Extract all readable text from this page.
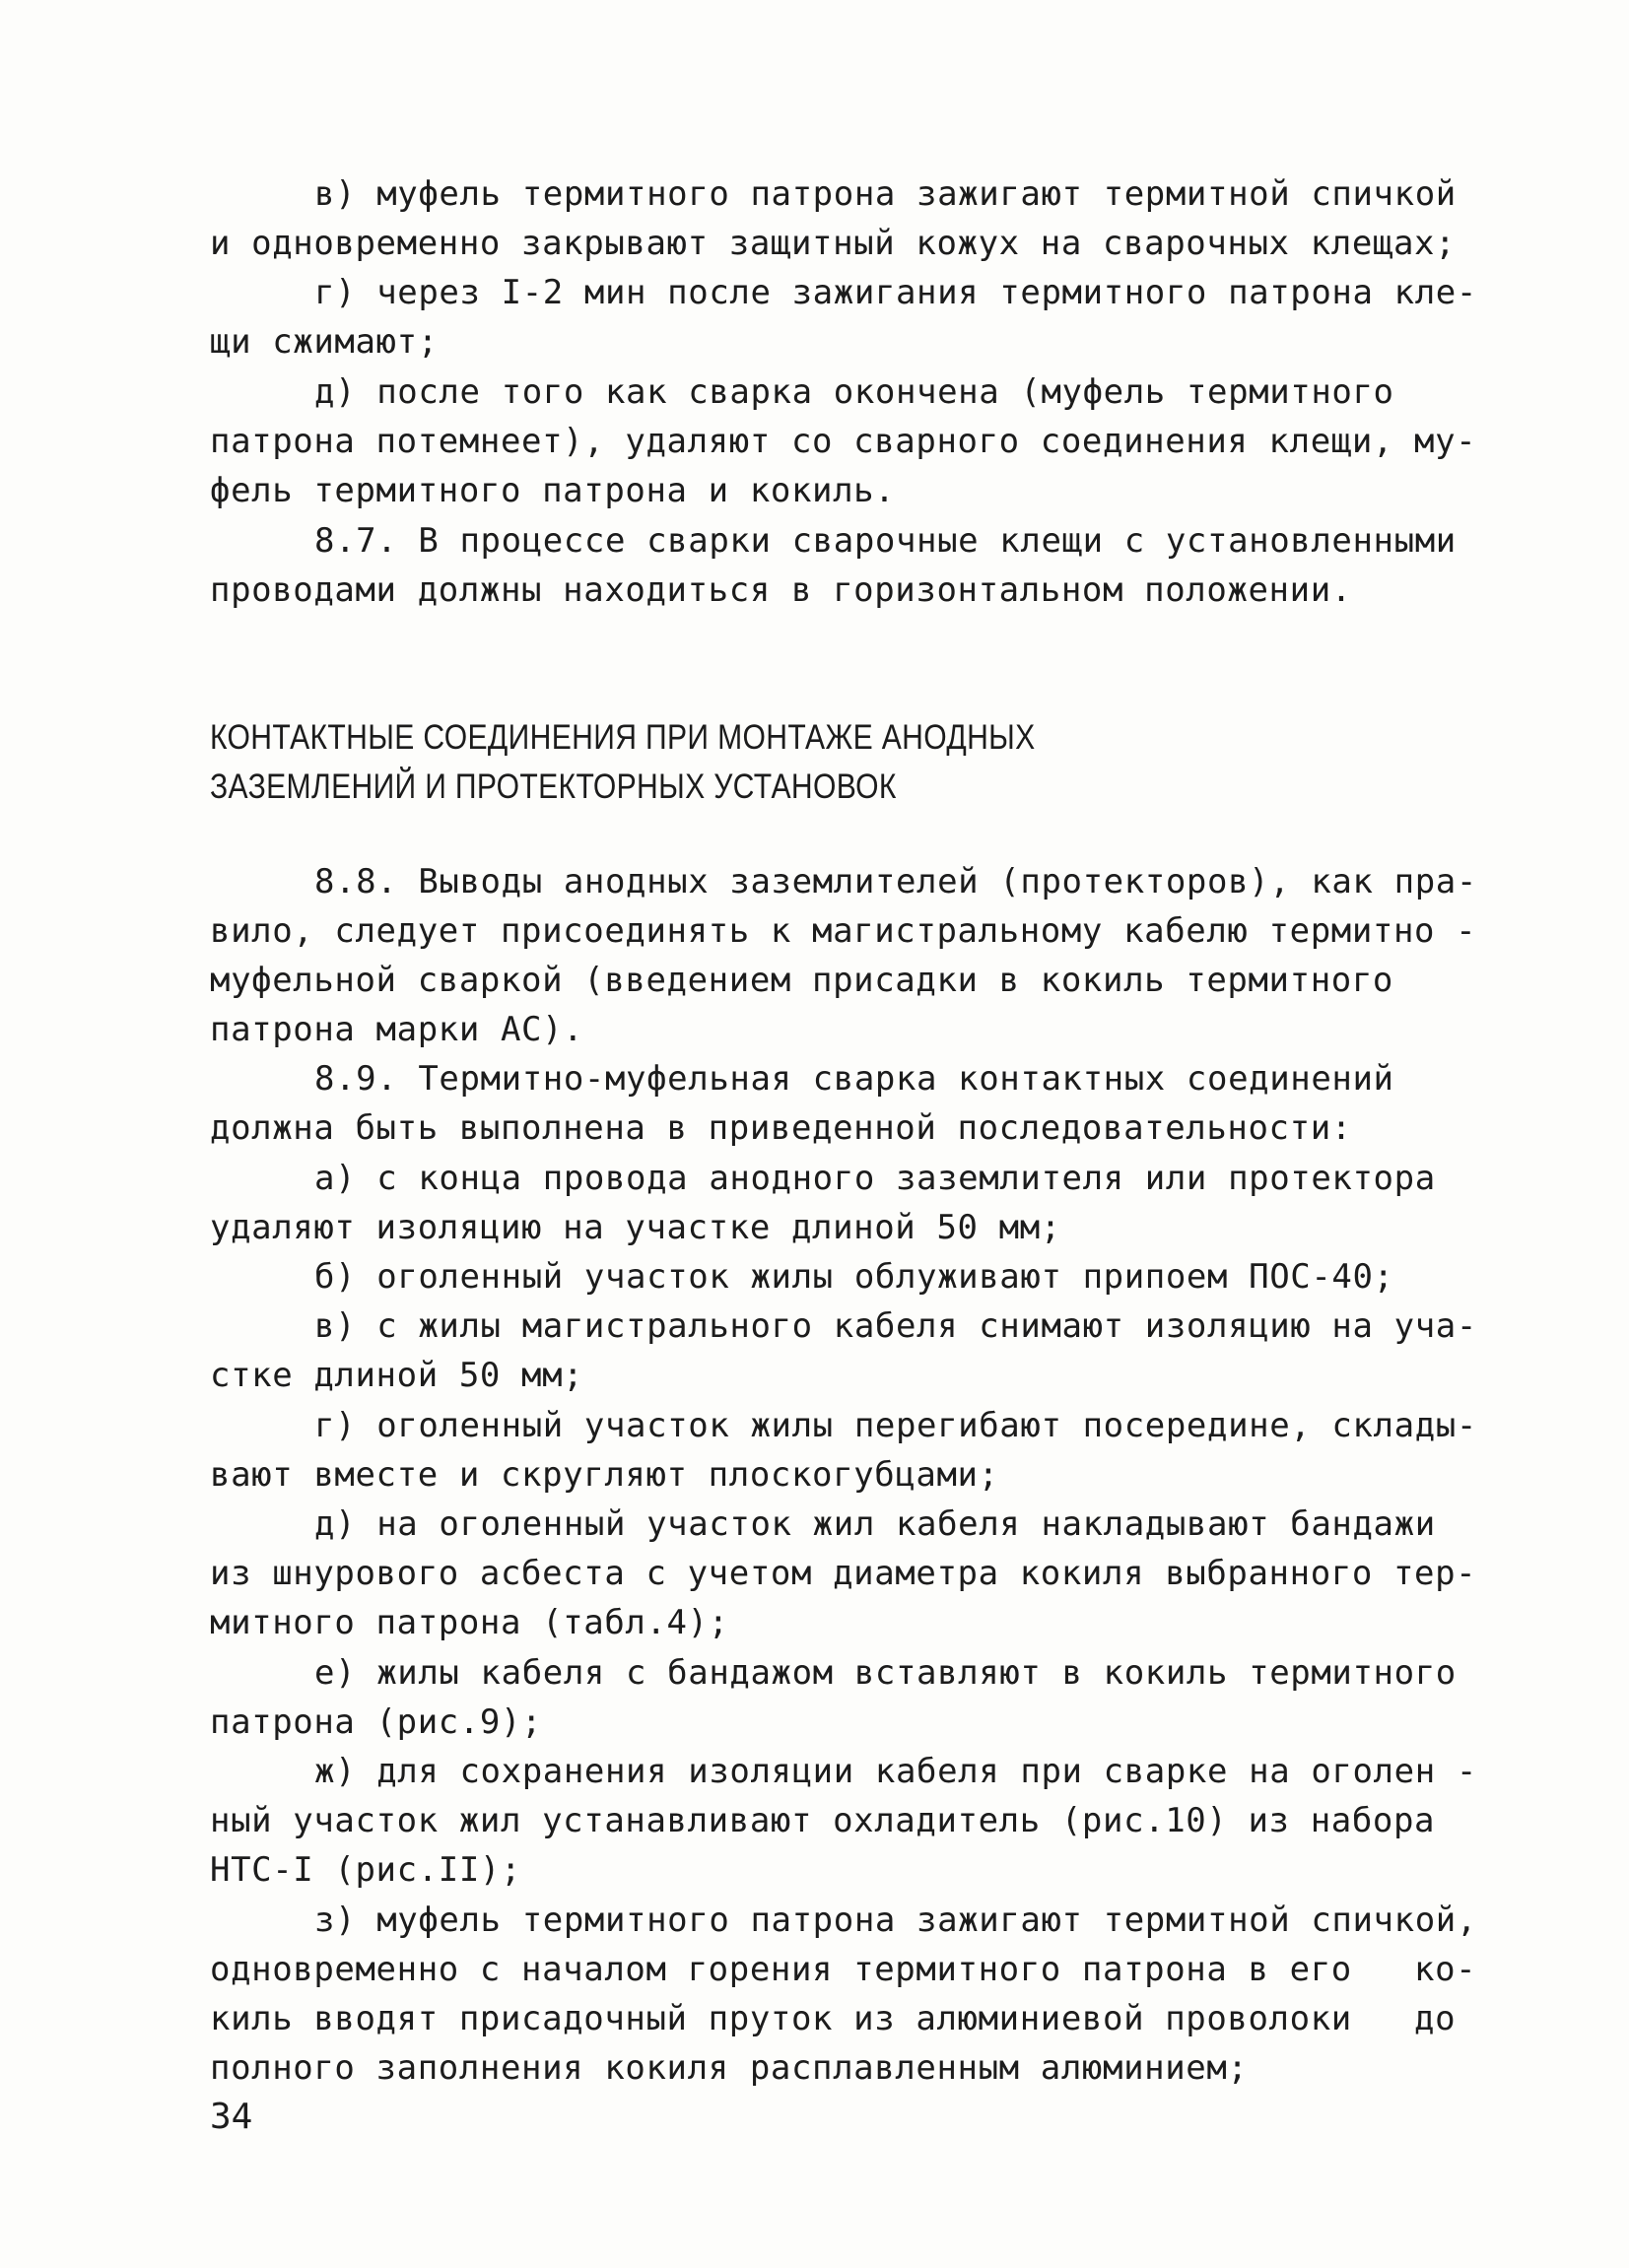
в) муфель термитного патрона зажигают термитной спичкой
и одновременно закрывают защитный кожух на сварочных клещах;
г) через I-2 мин после зажигания термитного патрона кле-
щи сжимают;
д) после того как сварка окончена (муфель термитного
патрона потемнеет), удаляют со сварного соединения клещи, му-
фель термитного патрона и кокиль.
8.7. В процессе сварки сварочные клещи с установленными
проводами должны находиться в горизонтальном положении.
КОНТАКТНЫЕ СОЕДИНЕНИЯ ПРИ МОНТАЖЕ АНОДНЫХ
ЗАЗЕМЛЕНИЙ И ПРОТЕКТОРНЫХ УСТАНОВОК
8.8. Выводы анодных заземлителей (протекторов), как пра-
вило, следует присоединять к магистральному кабелю термитно -
муфельной сваркой (введением присадки в кокиль термитного
патрона марки АС).
8.9. Термитно-муфельная сварка контактных соединений
должна быть выполнена в приведенной последовательности:
а) с конца провода анодного заземлителя или протектора
удаляют изоляцию на участке длиной 50 мм;
б) оголенный участок жилы облуживают припоем ПОС-40;
в) с жилы магистрального кабеля снимают изоляцию на уча-
стке длиной 50 мм;
г) оголенный участок жилы перегибают посередине, склады-
вают вместе и скругляют плоскогубцами;
д) на оголенный участок жил кабеля накладывают бандажи
из шнурового асбеста с учетом диаметра кокиля выбранного тер-
митного патрона (табл.4);
е) жилы кабеля с бандажом вставляют в кокиль термитного
патрона (рис.9);
ж) для сохранения изоляции кабеля при сварке на оголен -
ный участок жил устанавливают охладитель (рис.10) из набора
НТС-I (рис.II);
з) муфель термитного патрона зажигают термитной спичкой,
одновременно с началом горения термитного патрона в его   ко-
киль вводят присадочный пруток из алюминиевой проволоки   до
полного заполнения кокиля расплавленным алюминием;
34
